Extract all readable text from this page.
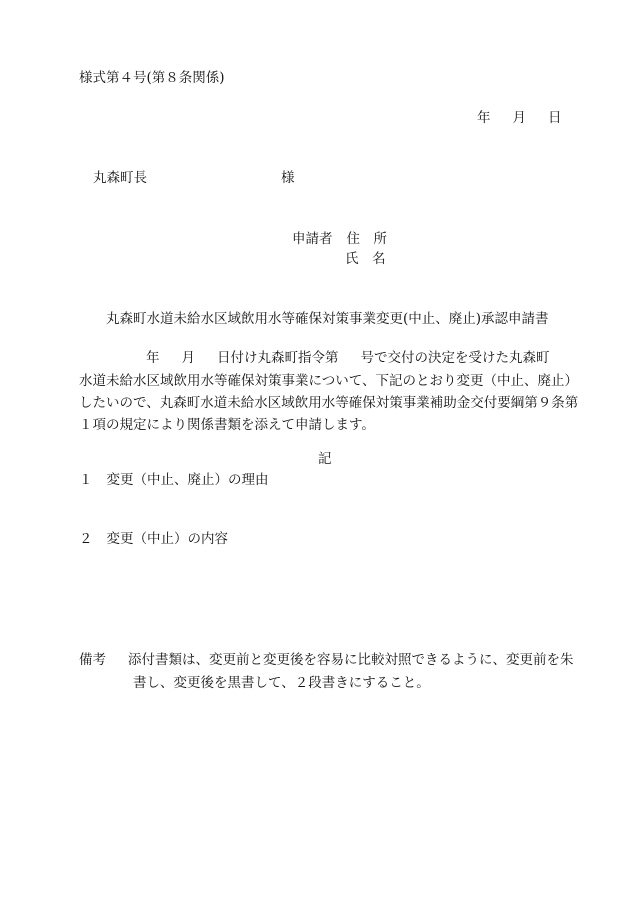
様式第４号(第８条関係)
年 月 日
丸森町長	様
申請者 住　所
氏　名
丸森町水道未給水区域飲用水等確保対策事業変更(中止、廃止)承認申請書
年 月 日付け丸森町指令第 号で交付の決定を受けた丸森町
水道未給水区域飲用水等確保対策事業について、下記のとおり変更（中止、廃止）
したいので、丸森町水道未給水区域飲用水等確保対策事業補助金交付要綱第９条第
１項の規定により関係書類を添えて申請します。
記
１ 変更（中止、廃止）の理由
２ 変更（中止）の内容
備考 添付書類は、変更前と変更後を容易に比較対照できるように、変更前を朱
書し、変更後を黒書して、２段書きにすること。
